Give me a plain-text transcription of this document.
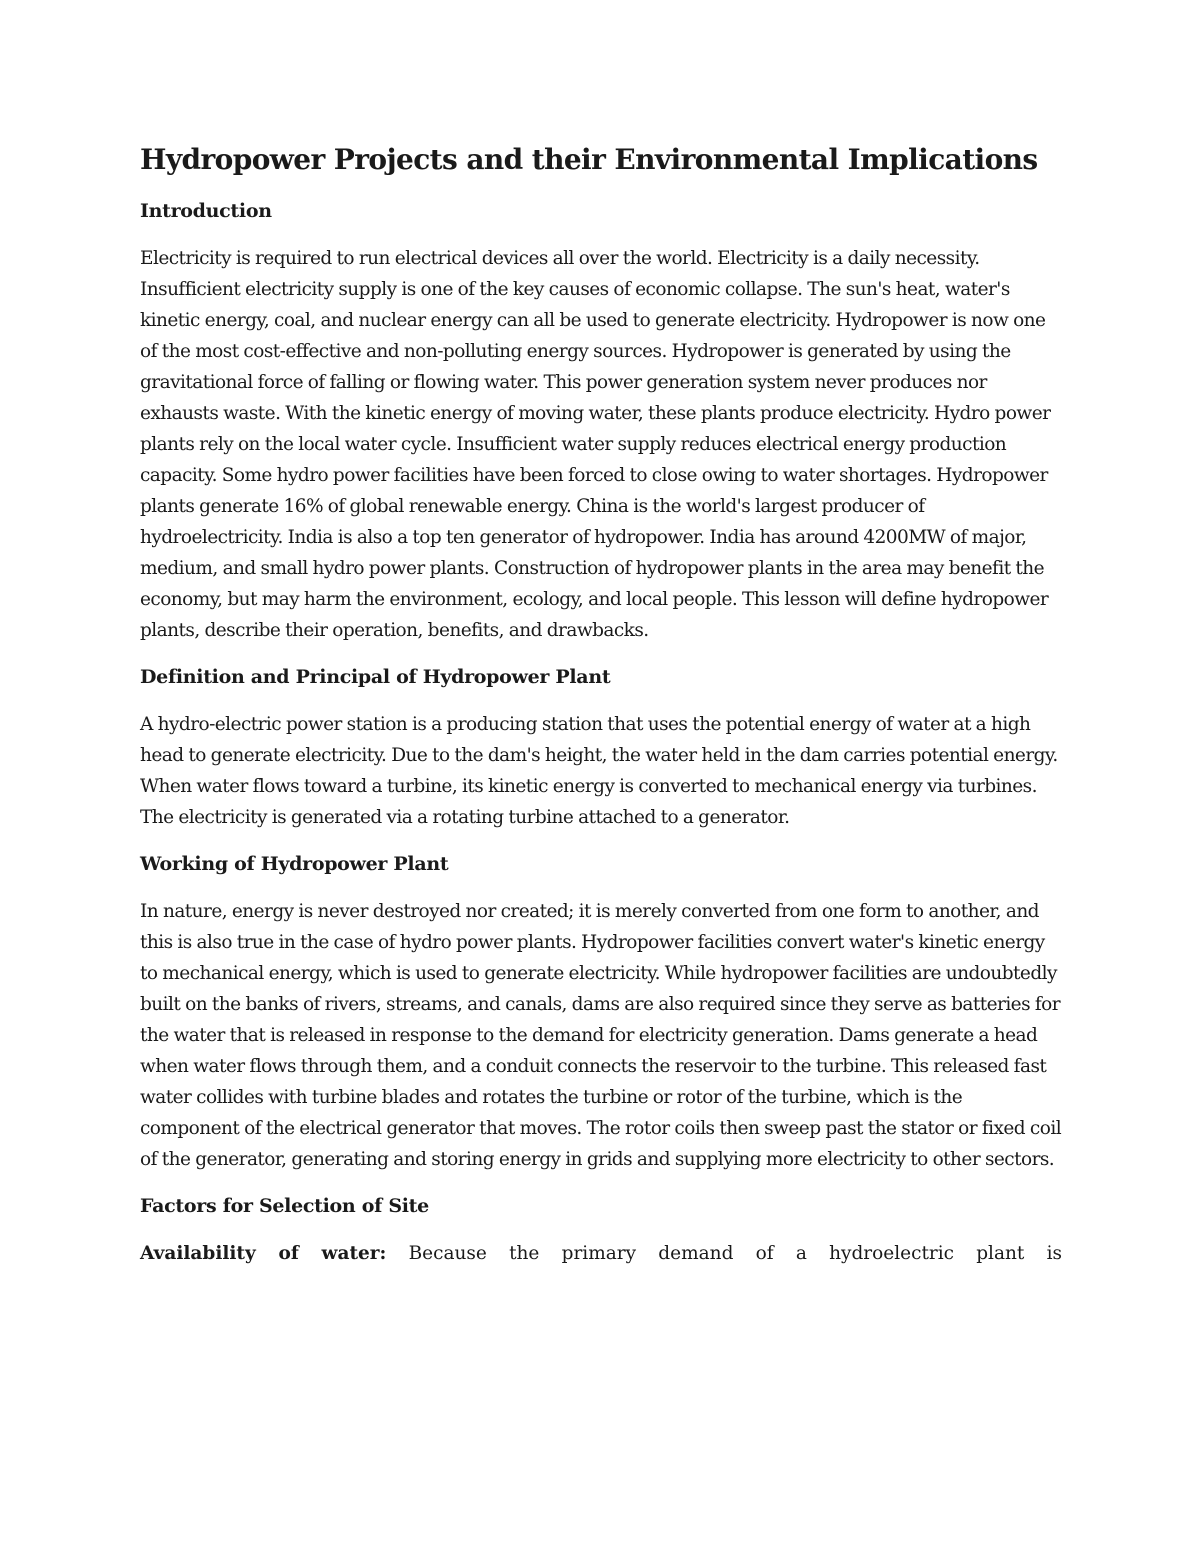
Hydropower Projects and their Environmental Implications
Introduction

Electricity is required to run electrical devices all over the world. Electricity is a daily necessity. Insufficient electricity supply is one of the key causes of economic collapse. The sun's heat, water's kinetic energy, coal, and nuclear energy can all be used to generate electricity. Hydropower is now one of the most cost-effective and non-polluting energy sources. Hydropower is generated by using the gravitational force of falling or flowing water. This power generation system never produces nor exhausts waste. With the kinetic energy of moving water, these plants produce electricity. Hydro power plants rely on the local water cycle. Insufficient water supply reduces electrical energy production capacity. Some hydro power facilities have been forced to close owing to water shortages. Hydropower plants generate 16% of global renewable energy. China is the world's largest producer of hydroelectricity. India is also a top ten generator of hydropower. India has around 4200MW of major, medium, and small hydro power plants. Construction of hydropower plants in the area may benefit the economy, but may harm the environment, ecology, and local people. This lesson will define hydropower plants, describe their operation, benefits, and drawbacks.

Definition and Principal of Hydropower Plant

A hydro-electric power station is a producing station that uses the potential energy of water at a high head to generate electricity. Due to the dam's height, the water held in the dam carries potential energy. When water flows toward a turbine, its kinetic energy is converted to mechanical energy via turbines. The electricity is generated via a rotating turbine attached to a generator.

Working of Hydropower Plant

In nature, energy is never destroyed nor created; it is merely converted from one form to another, and this is also true in the case of hydro power plants. Hydropower facilities convert water's kinetic energy to mechanical energy, which is used to generate electricity. While hydropower facilities are undoubtedly built on the banks of rivers, streams, and canals, dams are also required since they serve as batteries for the water that is released in response to the demand for electricity generation. Dams generate a head when water flows through them, and a conduit connects the reservoir to the turbine. This released fast water collides with turbine blades and rotates the turbine or rotor of the turbine, which is the component of the electrical generator that moves. The rotor coils then sweep past the stator or fixed coil of the generator, generating and storing energy in grids and supplying more electricity to other sectors.

Factors for Selection of Site

Availability of water: Because the primary demand of a hydroelectric plant is
